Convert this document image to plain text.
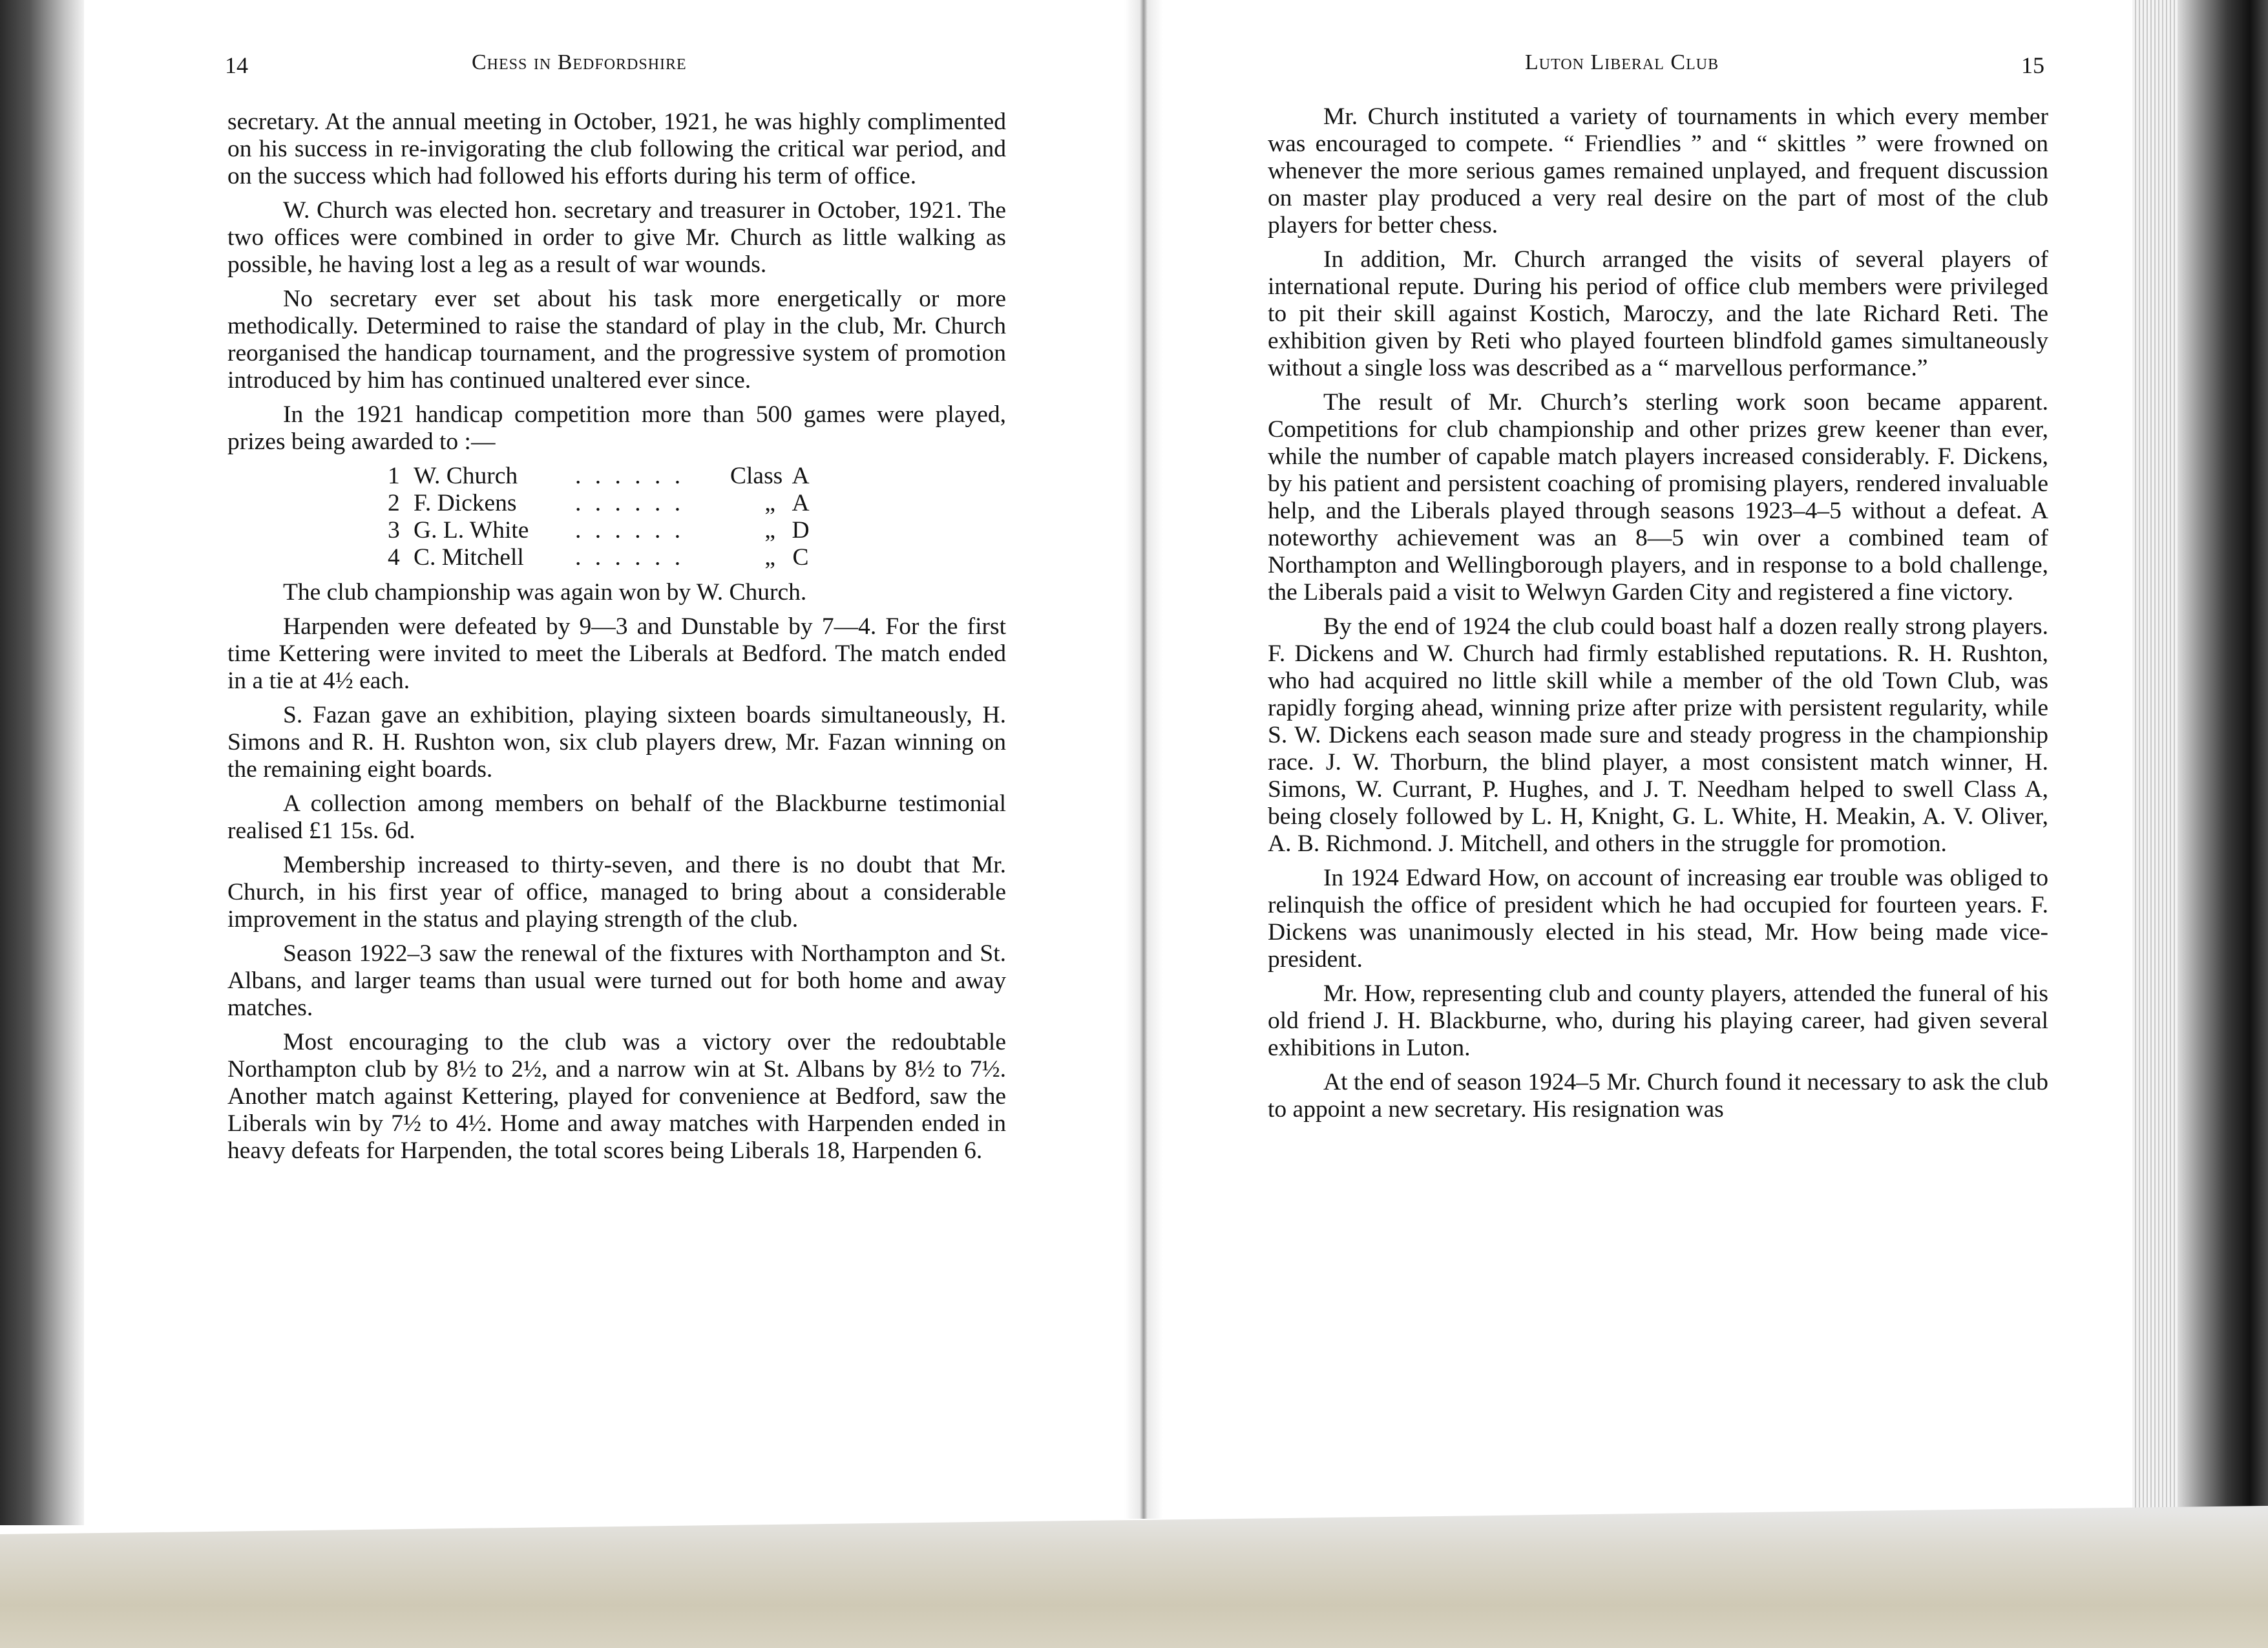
14	Chess in Bedfordshire

secretary. At the annual meeting in October, 1921, he was highly complimented on his success in re-invigorating the club following the critical war period, and on the success which had followed his efforts during his term of office.

W. Church was elected hon. secretary and treasurer in October, 1921. The two offices were combined in order to give Mr. Church as little walking as possible, he having lost a leg as a result of war wounds.

No secretary ever set about his task more energetically or more methodically. Determined to raise the standard of play in the club, Mr. Church reorganised the handicap tournament, and the progressive system of promotion introduced by him has continued unaltered ever since.

In the 1921 handicap competition more than 500 games were played, prizes being awarded to :—

1	W. Church	. . . . . .	Class	A
2	F. Dickens	. . . . . .	„	A
3	G. L. White	. . . . . .	„	D
4	C. Mitchell	. . . . . .	„	C

The club championship was again won by W. Church.

Harpenden were defeated by 9—3 and Dunstable by 7—4. For the first time Kettering were invited to meet the Liberals at Bedford. The match ended in a tie at 4½ each.

S. Fazan gave an exhibition, playing sixteen boards simultaneously, H. Simons and R. H. Rushton won, six club players drew, Mr. Fazan winning on the remaining eight boards.

A collection among members on behalf of the Blackburne testimonial realised £1 15s. 6d.

Membership increased to thirty-seven, and there is no doubt that Mr. Church, in his first year of office, managed to bring about a considerable improvement in the status and playing strength of the club.

Season 1922–3 saw the renewal of the fixtures with Northampton and St. Albans, and larger teams than usual were turned out for both home and away matches.

Most encouraging to the club was a victory over the redoubtable Northampton club by 8½ to 2½, and a narrow win at St. Albans by 8½ to 7½. Another match against Kettering, played for convenience at Bedford, saw the Liberals win by 7½ to 4½. Home and away matches with Harpenden ended in heavy defeats for Harpenden, the total scores being Liberals 18, Harpenden 6.

Luton Liberal Club	15

Mr. Church instituted a variety of tournaments in which every member was encouraged to compete. “ Friendlies ” and “ skittles ” were frowned on whenever the more serious games remained unplayed, and frequent discussion on master play produced a very real desire on the part of most of the club players for better chess.

In addition, Mr. Church arranged the visits of several players of international repute. During his period of office club members were privileged to pit their skill against Kostich, Maroczy, and the late Richard Reti. The exhibition given by Reti who played fourteen blindfold games simultaneously without a single loss was described as a “ marvellous performance.”

The result of Mr. Church’s sterling work soon became apparent. Competitions for club championship and other prizes grew keener than ever, while the number of capable match players increased considerably. F. Dickens, by his patient and persistent coaching of promising players, rendered invaluable help, and the Liberals played through seasons 1923–4–5 without a defeat. A noteworthy achievement was an 8—5 win over a combined team of Northampton and Wellingborough players, and in response to a bold challenge, the Liberals paid a visit to Welwyn Garden City and registered a fine victory.

By the end of 1924 the club could boast half a dozen really strong players. F. Dickens and W. Church had firmly established reputations. R. H. Rushton, who had acquired no little skill while a member of the old Town Club, was rapidly forging ahead, winning prize after prize with persistent regularity, while S. W. Dickens each season made sure and steady progress in the championship race. J. W. Thorburn, the blind player, a most consistent match winner, H. Simons, W. Currant, P. Hughes, and J. T. Needham helped to swell Class A, being closely followed by L. H, Knight, G. L. White, H. Meakin, A. V. Oliver, A. B. Richmond. J. Mitchell, and others in the struggle for promotion.

In 1924 Edward How, on account of increasing ear trouble was obliged to relinquish the office of president which he had occupied for fourteen years. F. Dickens was unanimously elected in his stead, Mr. How being made vice-president.

Mr. How, representing club and county players, attended the funeral of his old friend J. H. Blackburne, who, during his playing career, had given several exhibitions in Luton.

At the end of season 1924–5 Mr. Church found it necessary to ask the club to appoint a new secretary. His resignation was
